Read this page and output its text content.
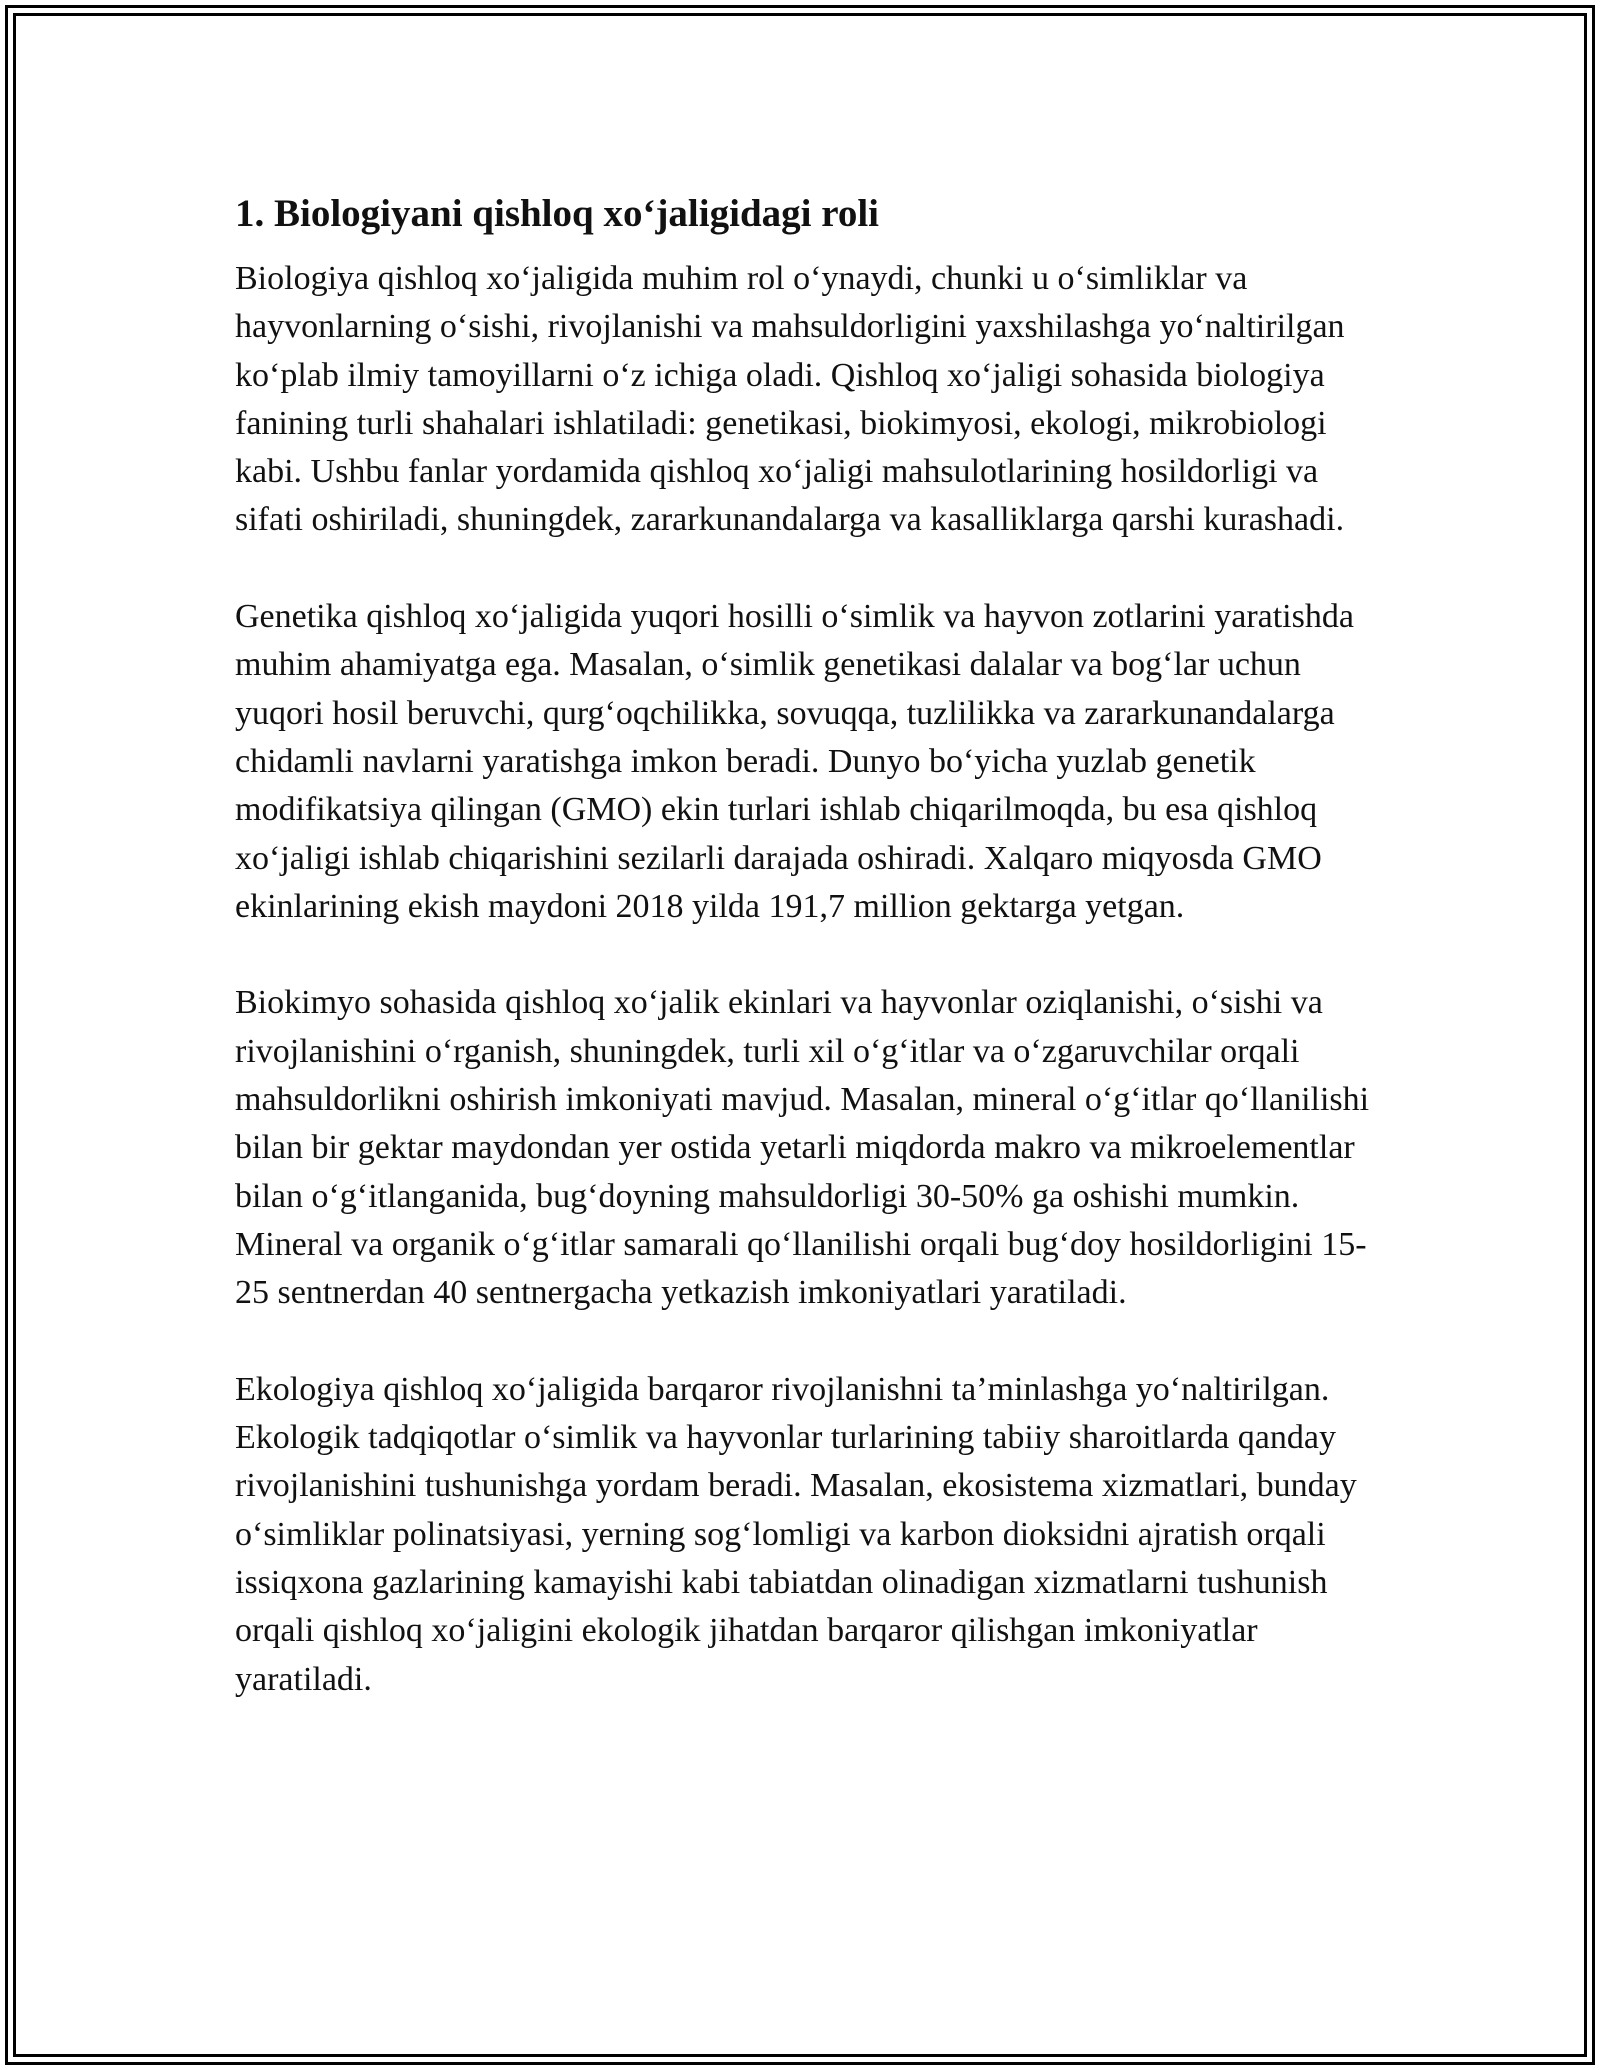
1. Biologiyani qishloq xo‘jaligidagi roli

Biologiya qishloq xo‘jaligida muhim rol o‘ynaydi, chunki u o‘simliklar va hayvonlarning o‘sishi, rivojlanishi va mahsuldorligini yaxshilashga yo‘naltirilgan ko‘plab ilmiy tamoyillarni o‘z ichiga oladi. Qishloq xo‘jaligi sohasida biologiya fanining turli shahalari ishlatiladi: genetikasi, biokimyosi, ekologi, mikrobiologi kabi. Ushbu fanlar yordamida qishloq xo‘jaligi mahsulotlarining hosildorligi va sifati oshiriladi, shuningdek, zararkunandalarga va kasalliklarga qarshi kurashadi.

Genetika qishloq xo‘jaligida yuqori hosilli o‘simlik va hayvon zotlarini yaratishda muhim ahamiyatga ega. Masalan, o‘simlik genetikasi dalalar va bog‘lar uchun yuqori hosil beruvchi, qurg‘oqchilikka, sovuqqa, tuzlilikka va zararkunandalarga chidamli navlarni yaratishga imkon beradi. Dunyo bo‘yicha yuzlab genetik modifikatsiya qilingan (GMO) ekin turlari ishlab chiqarilmoqda, bu esa qishloq xo‘jaligi ishlab chiqarishini sezilarli darajada oshiradi. Xalqaro miqyosda GMO ekinlarining ekish maydoni 2018 yilda 191,7 million gektarga yetgan.

Biokimyo sohasida qishloq xo‘jalik ekinlari va hayvonlar oziqlanishi, o‘sishi va rivojlanishini o‘rganish, shuningdek, turli xil o‘g‘itlar va o‘zgaruvchilar orqali mahsuldorlikni oshirish imkoniyati mavjud. Masalan, mineral o‘g‘itlar qo‘llanilishi bilan bir gektar maydondan yer ostida yetarli miqdorda makro va mikroelementlar bilan o‘g‘itlanganida, bug‘doyning mahsuldorligi 30-50% ga oshishi mumkin. Mineral va organik o‘g‘itlar samarali qo‘llanilishi orqali bug‘doy hosildorligini 15-25 sentnerdan 40 sentnergacha yetkazish imkoniyatlari yaratiladi.

Ekologiya qishloq xo‘jaligida barqaror rivojlanishni ta’minlashga yo‘naltirilgan. Ekologik tadqiqotlar o‘simlik va hayvonlar turlarining tabiiy sharoitlarda qanday rivojlanishini tushunishga yordam beradi. Masalan, ekosistema xizmatlari, bunday o‘simliklar polinatsiyasi, yerning sog‘lomligi va karbon dioksidni ajratish orqali issiqxona gazlarining kamayishi kabi tabiatdan olinadigan xizmatlarni tushunish orqali qishloq xo‘jaligini ekologik jihatdan barqaror qilishgan imkoniyatlar yaratiladi.
